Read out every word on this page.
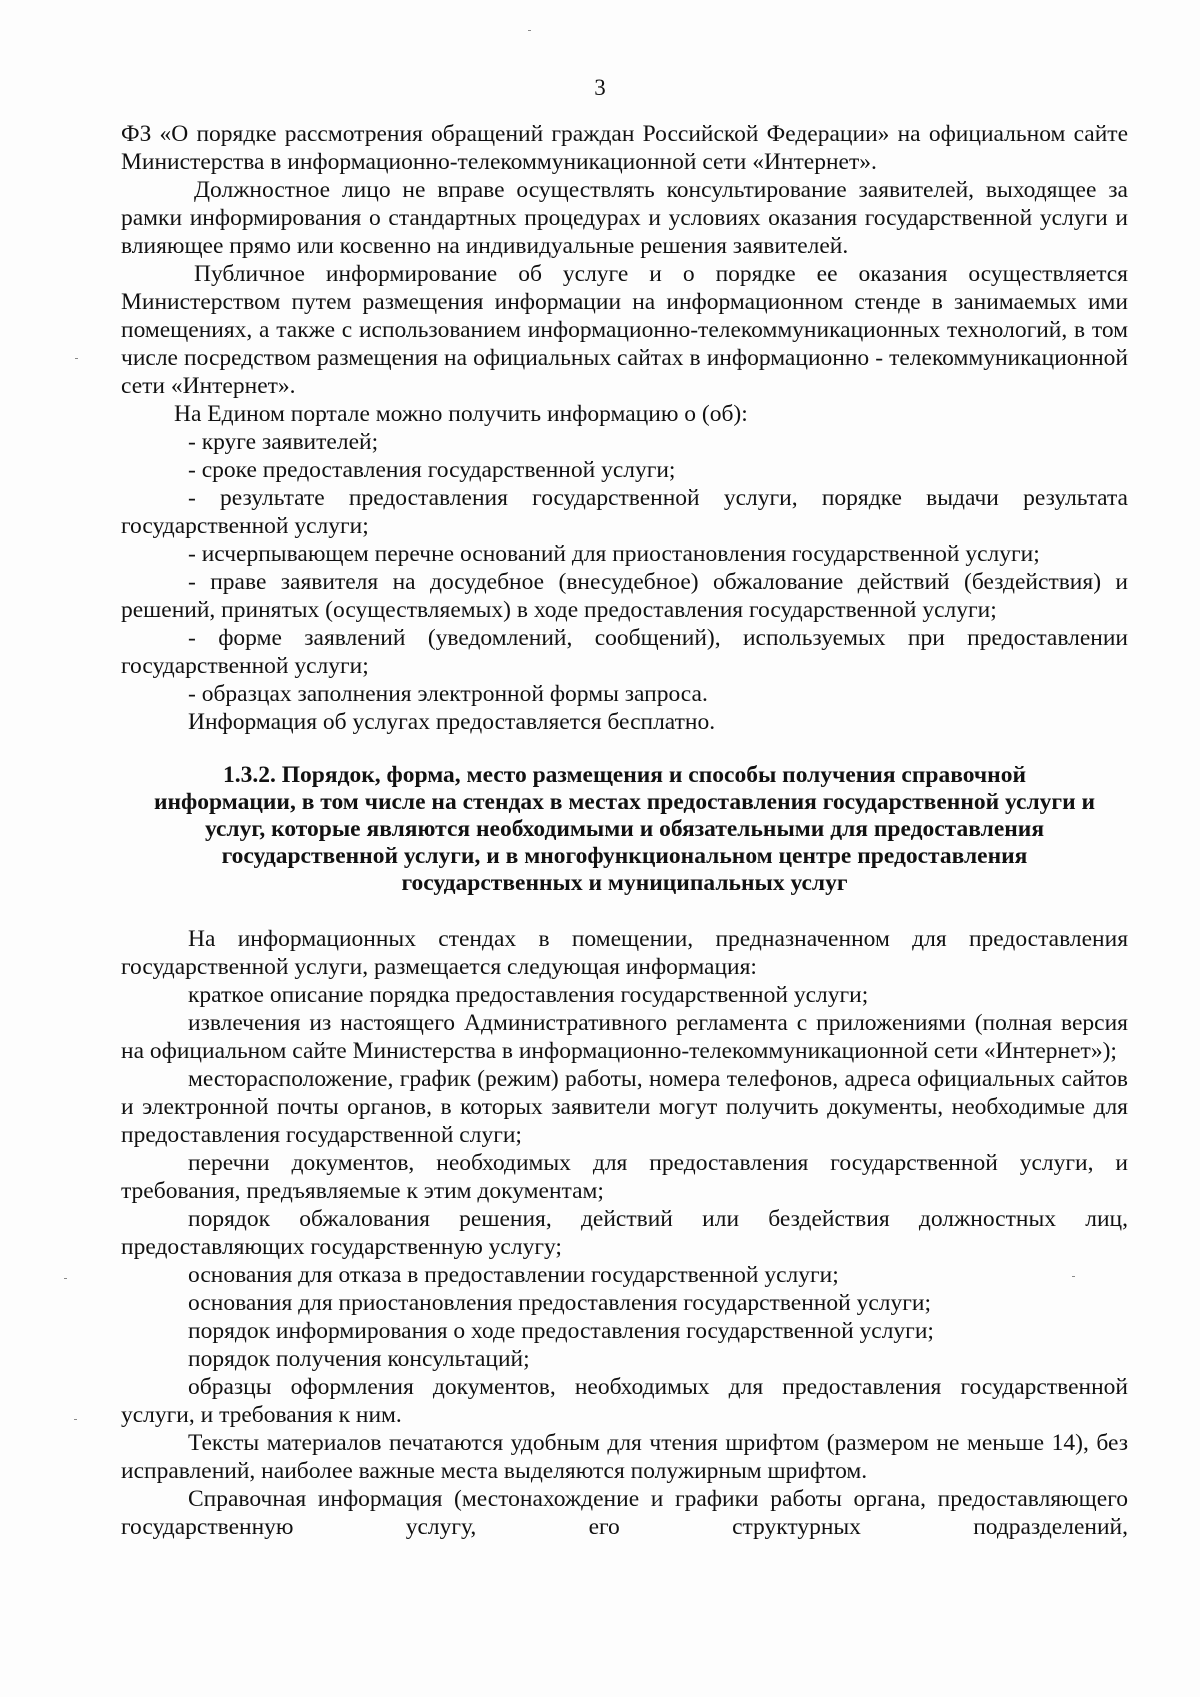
3

ФЗ «О порядке рассмотрения обращений граждан Российской Федерации» на официальном сайте Министерства в информационно-телекоммуникационной сети «Интернет».

Должностное лицо не вправе осуществлять консультирование заявителей, выходящее за рамки информирования о стандартных процедурах и условиях оказания государственной услуги и влияющее прямо или косвенно на индивидуальные решения заявителей.

Публичное информирование об услуге и о порядке ее оказания осуществляется Министерством путем размещения информации на информационном стенде в занимаемых ими помещениях, а также с использованием информационно-телекоммуникационных технологий, в том числе посредством размещения на официальных сайтах в информационно - телекоммуникационной сети «Интернет».

На Едином портале можно получить информацию о (об):

- круге заявителей;

- сроке предоставления государственной услуги;

- результате предоставления государственной услуги, порядке выдачи результата государственной услуги;

- исчерпывающем перечне оснований для приостановления государственной услуги;

- праве заявителя на досудебное (внесудебное) обжалование действий (бездействия) и решений, принятых (осуществляемых) в ходе предоставления государственной услуги;

- форме заявлений (уведомлений, сообщений), используемых при предоставлении государственной услуги;

- образцах заполнения электронной формы запроса.

Информация об услугах предоставляется бесплатно.

1.3.2. Порядок, форма, место размещения и способы получения справочной
информации, в том числе на стендах в местах предоставления государственной услуги и
услуг, которые являются необходимыми и обязательными для предоставления
государственной услуги, и в многофункциональном центре предоставления
государственных и муниципальных услуг

На информационных стендах в помещении, предназначенном для предоставления государственной услуги, размещается следующая информация:

краткое описание порядка предоставления государственной услуги;

извлечения из настоящего Административного регламента с приложениями (полная версия на официальном сайте Министерства в информационно-телекоммуникационной сети «Интернет»);

месторасположение, график (режим) работы, номера телефонов, адреса официальных сайтов и электронной почты органов, в которых заявители могут получить документы, необходимые для предоставления государственной слуги;

перечни документов, необходимых для предоставления государственной услуги, и требования, предъявляемые к этим документам;

порядок обжалования решения, действий или бездействия должностных лиц, предоставляющих государственную услугу;

основания для отказа в предоставлении государственной услуги;

основания для приостановления предоставления государственной услуги;

порядок информирования о ходе предоставления государственной услуги;

порядок получения консультаций;

образцы оформления документов, необходимых для предоставления государственной услуги, и требования к ним.

Тексты материалов печатаются удобным для чтения шрифтом (размером не меньше 14), без исправлений, наиболее важные места выделяются полужирным шрифтом.

Справочная информация (местонахождение и графики работы органа, предоставляющего государственную услугу, его структурных подразделений,
